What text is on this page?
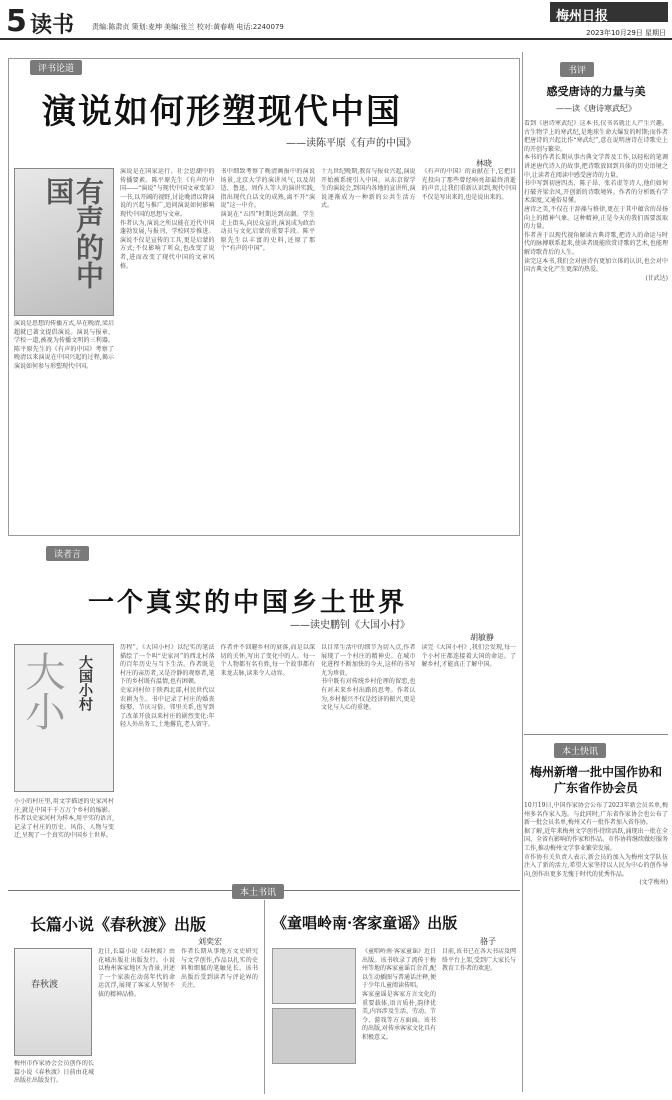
5 读书	责编:陈肃贞 策划:麦坤 美编:张兰 校对:黄春萌 电话:2240079
梅州日报
2023年10月29日 星期日
评书论道
演说如何形塑现代中国
——读陈平原《有声的中国》
林晓
有声的中国
演说是思想的传播方式,早在晚清,梁启超就已著文提倡演说。演说与报章、学校一道,被视为传播文明的三利器。陈平原先生的《有声的中国》考察了晚清以来演说在中国兴起的过程,揭示演说如何参与形塑现代中国。

演说是在国家运行、社会思潮中的传播要素。陈平原先生《有声的中国——“演说”与现代中国文章变革》一书,以开阔的视野,讨论晚清以降演说的兴起与推广,追问演说如何影响现代中国的思想与文章。

作者认为,演说之所以能在近代中国蓬勃发展,与报刊、学校同步推进。演说不仅是宣传的工具,更是启蒙的方式;不仅影响了听众,也改变了说者,进而改变了现代中国的文章风格。

书中细致考察了晚清画报中的演说场景,北京大学的演讲风气,以及胡适、鲁迅、周作人等人的演讲实践,指出现代白话文的成熟,离不开“演说”这一中介。

演说在“五四”时期达到高潮。学生走上街头,向民众宣讲,演说成为政治动员与文化启蒙的重要手段。陈平原先生以丰富的史料,还原了那个“有声的中国”。

十九世纪晚期,教育与报业兴起,演说开始被系统引入中国。从东京留学生的演说会,到国内各地的宣讲所,演说逐渐成为一种新的公共生活方式。

《有声的中国》的贡献在于,它把目光投向了那些曾经响亮却最终消逝的声音,让我们重新认识到,现代中国不仅是写出来的,也是说出来的。

读者言
一个真实的中国乡土世界
——读史鹏钊《大国小村》
胡敏静
大小 大国小村
小小的村庄里,用文字描述的史家河村庄,就是中国千千万万个乡村的缩影。作者以史家河村为样本,用平实的语言,记录了村庄的历史、风俗、人物与变迁,呈现了一个真实的中国乡土世界。

历程”。《大国小村》以纪实的笔法描绘了一个叫“史家河”的西北村落的百年历史与当下生活。作者既是村庄的亲历者,又是冷静的观察者,笔下的乡村既有温情,也有困顿。

史家河村位于陕西北部,村民世代以农耕为生。书中记录了村庄的婚丧嫁娶、节庆习俗、邻里关系,也写到了改革开放以来村庄的剧烈变化:年轻人外出务工,土地撂荒,老人留守。

作者并不回避乡村的衰落,而是以深切的关怀,写出了变化中的人。每一个人物都有名有姓,每一个故事都有来龙去脉,读来令人动容。

以目常生活中的细节为切入点,作者展现了一个村庄的精神史。在城市化进程不断加快的今天,这样的书写尤为珍贵。

书中既有对传统乡村伦理的留恋,也有对未来乡村出路的思考。作者认为,乡村振兴不仅是经济的振兴,更是文化与人心的重建。

读完《大国小村》,我们会发现,每一个小村庄都连接着大国的命运。了解乡村,才能真正了解中国。

本土书讯
长篇小说《春秋渡》出版
刘奕宏
春秋渡
梅州市作家协会会员创作的长篇小说《春秋渡》日前由花城出版社出版发行。

近日,长篇小说《春秋渡》由花城出版社出版发行。小说以梅州客家地区为背景,讲述了一个家族在动荡年代的命运沉浮,展现了客家人坚韧不拔的精神品格。

作者长期从事地方文史研究与文学创作,作品以扎实的史料和细腻的笔触见长。该书出版后受到读者与评论界的关注。

《童唱岭南·客家童谣》出版
骆子

《童唱岭南·客家童谣》近日出版。该书收录了流传于梅州等地的客家童谣百余首,配以生动插图与普通话注释,便于少年儿童阅读传唱。

客家童谣是客家方言文化的重要载体,语言质朴,韵律优美,内容涉及生活、劳动、节令、游戏等方方面面。该书的出版,对传承客家文化具有积极意义。

目前,该书已在各大书店及网络平台上架,受到广大家长与教育工作者的欢迎。

书评
感受唐诗的力量与美
——读《唐诗寒武纪》

看到《唐诗寒武纪》这本书,仅书名就让人产生兴趣。古生物学上的寒武纪,是地球生命大爆发的时期;而作者把唐诗的兴起比作“寒武纪”,意在说明唐诗在诗歌史上的开创与繁荣。

本书的作者长期从事古典文学普及工作,以轻松的笔调讲述唐代诗人的故事,把诗歌放回到具体的历史语境之中,让读者在阅读中感受唐诗的力量。

书中写到初唐四杰、陈子昂、张若虚等诗人,他们如何打破齐梁余风,开创新的诗歌境界。作者的分析既有学术深度,又通俗易懂。

唐诗之美,不仅在于辞藻与格律,更在于其中蕴含的昂扬向上的精神气象。这种精神,正是今天的我们需要汲取的力量。

作者善于以现代视角解读古典诗歌,把诗人的命运与时代的脉搏联系起来,使读者既能欣赏诗歌的艺术,也能理解诗歌背后的人生。

读完这本书,我们会对唐诗有更加立体的认识,也会对中国古典文化产生更深的热爱。

(甘武达)

本土快讯
梅州新增一批中国作协和广东省作协会员

10月19日,中国作家协会公布了2023年新会员名单,梅州多名作家入选。与此同时,广东省作家协会也公布了新一批会员名单,梅州又有一批作者加入省作协。

据了解,近年来梅州文学创作持续活跃,涌现出一批在全国、全省有影响的作家和作品。市作协将继续做好服务工作,推动梅州文学事业繁荣发展。

市作协有关负责人表示,新会员的加入为梅州文学队伍注入了新的活力,希望大家坚持以人民为中心的创作导向,创作出更多无愧于时代的优秀作品。

(文学梅州)
